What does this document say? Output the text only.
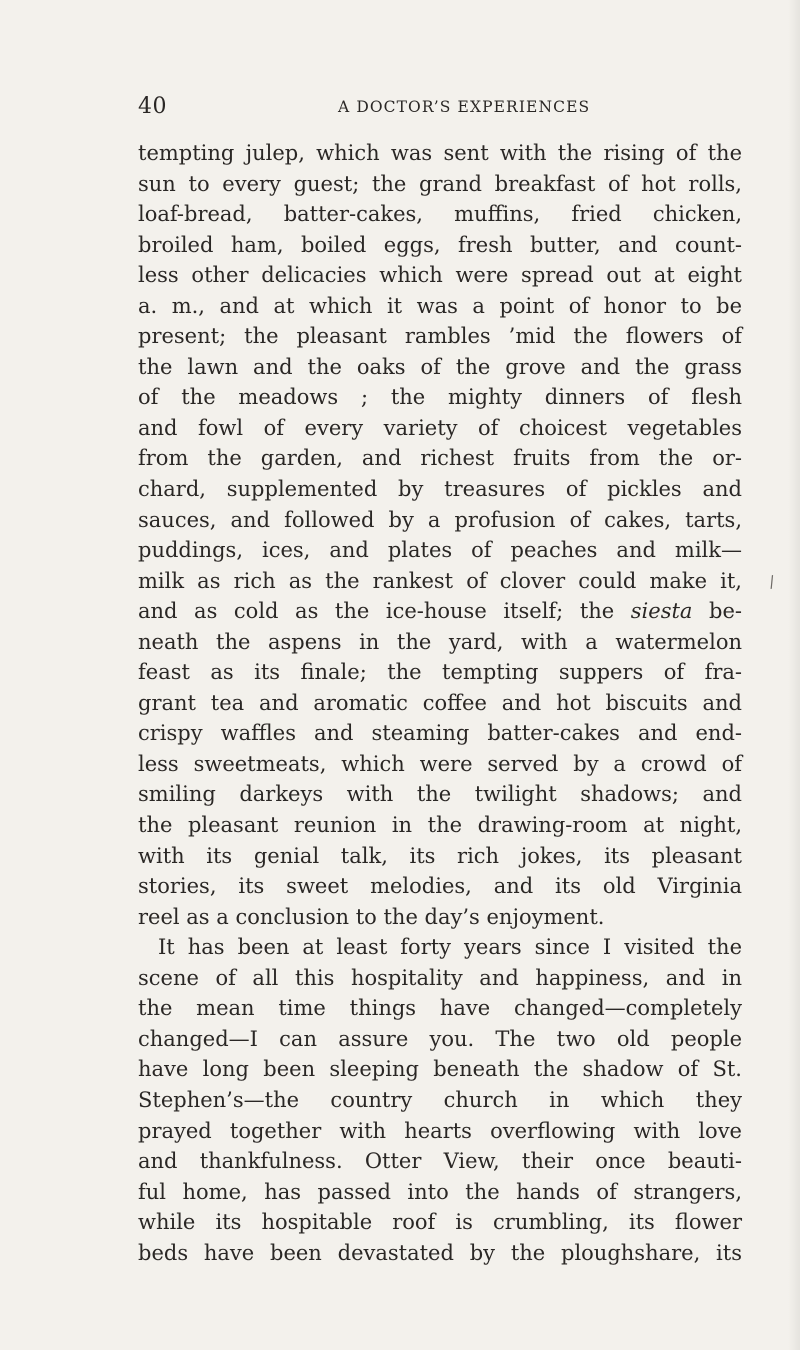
40	A DOCTOR’S EXPERIENCES
tempting julep, which was sent with the rising of the
sun to every guest; the grand breakfast of hot rolls,
loaf-bread, batter-cakes, muffins, fried chicken,
broiled ham, boiled eggs, fresh butter, and count-
less other delicacies which were spread out at eight
a. m., and at which it was a point of honor to be
present; the pleasant rambles ’mid the flowers of
the lawn and the oaks of the grove and the grass
of the meadows ; the mighty dinners of flesh
and fowl of every variety of choicest vegetables
from the garden, and richest fruits from the or-
chard, supplemented by treasures of pickles and
sauces, and followed by a profusion of cakes, tarts,
puddings, ices, and plates of peaches and milk—
milk as rich as the rankest of clover could make it,
and as cold as the ice-house itself; the siesta be-
neath the aspens in the yard, with a watermelon
feast as its finale; the tempting suppers of fra-
grant tea and aromatic coffee and hot biscuits and
crispy waffles and steaming batter-cakes and end-
less sweetmeats, which were served by a crowd of
smiling darkeys with the twilight shadows; and
the pleasant reunion in the drawing-room at night,
with its genial talk, its rich jokes, its pleasant
stories, its sweet melodies, and its old Virginia
reel as a conclusion to the day’s enjoyment.
It has been at least forty years since I visited the
scene of all this hospitality and happiness, and in
the mean time things have changed—completely
changed—I can assure you. The two old people
have long been sleeping beneath the shadow of St.
Stephen’s—the country church in which they
prayed together with hearts overflowing with love
and thankfulness. Otter View, their once beauti-
ful home, has passed into the hands of strangers,
while its hospitable roof is crumbling, its flower
beds have been devastated by the ploughshare, its
/
